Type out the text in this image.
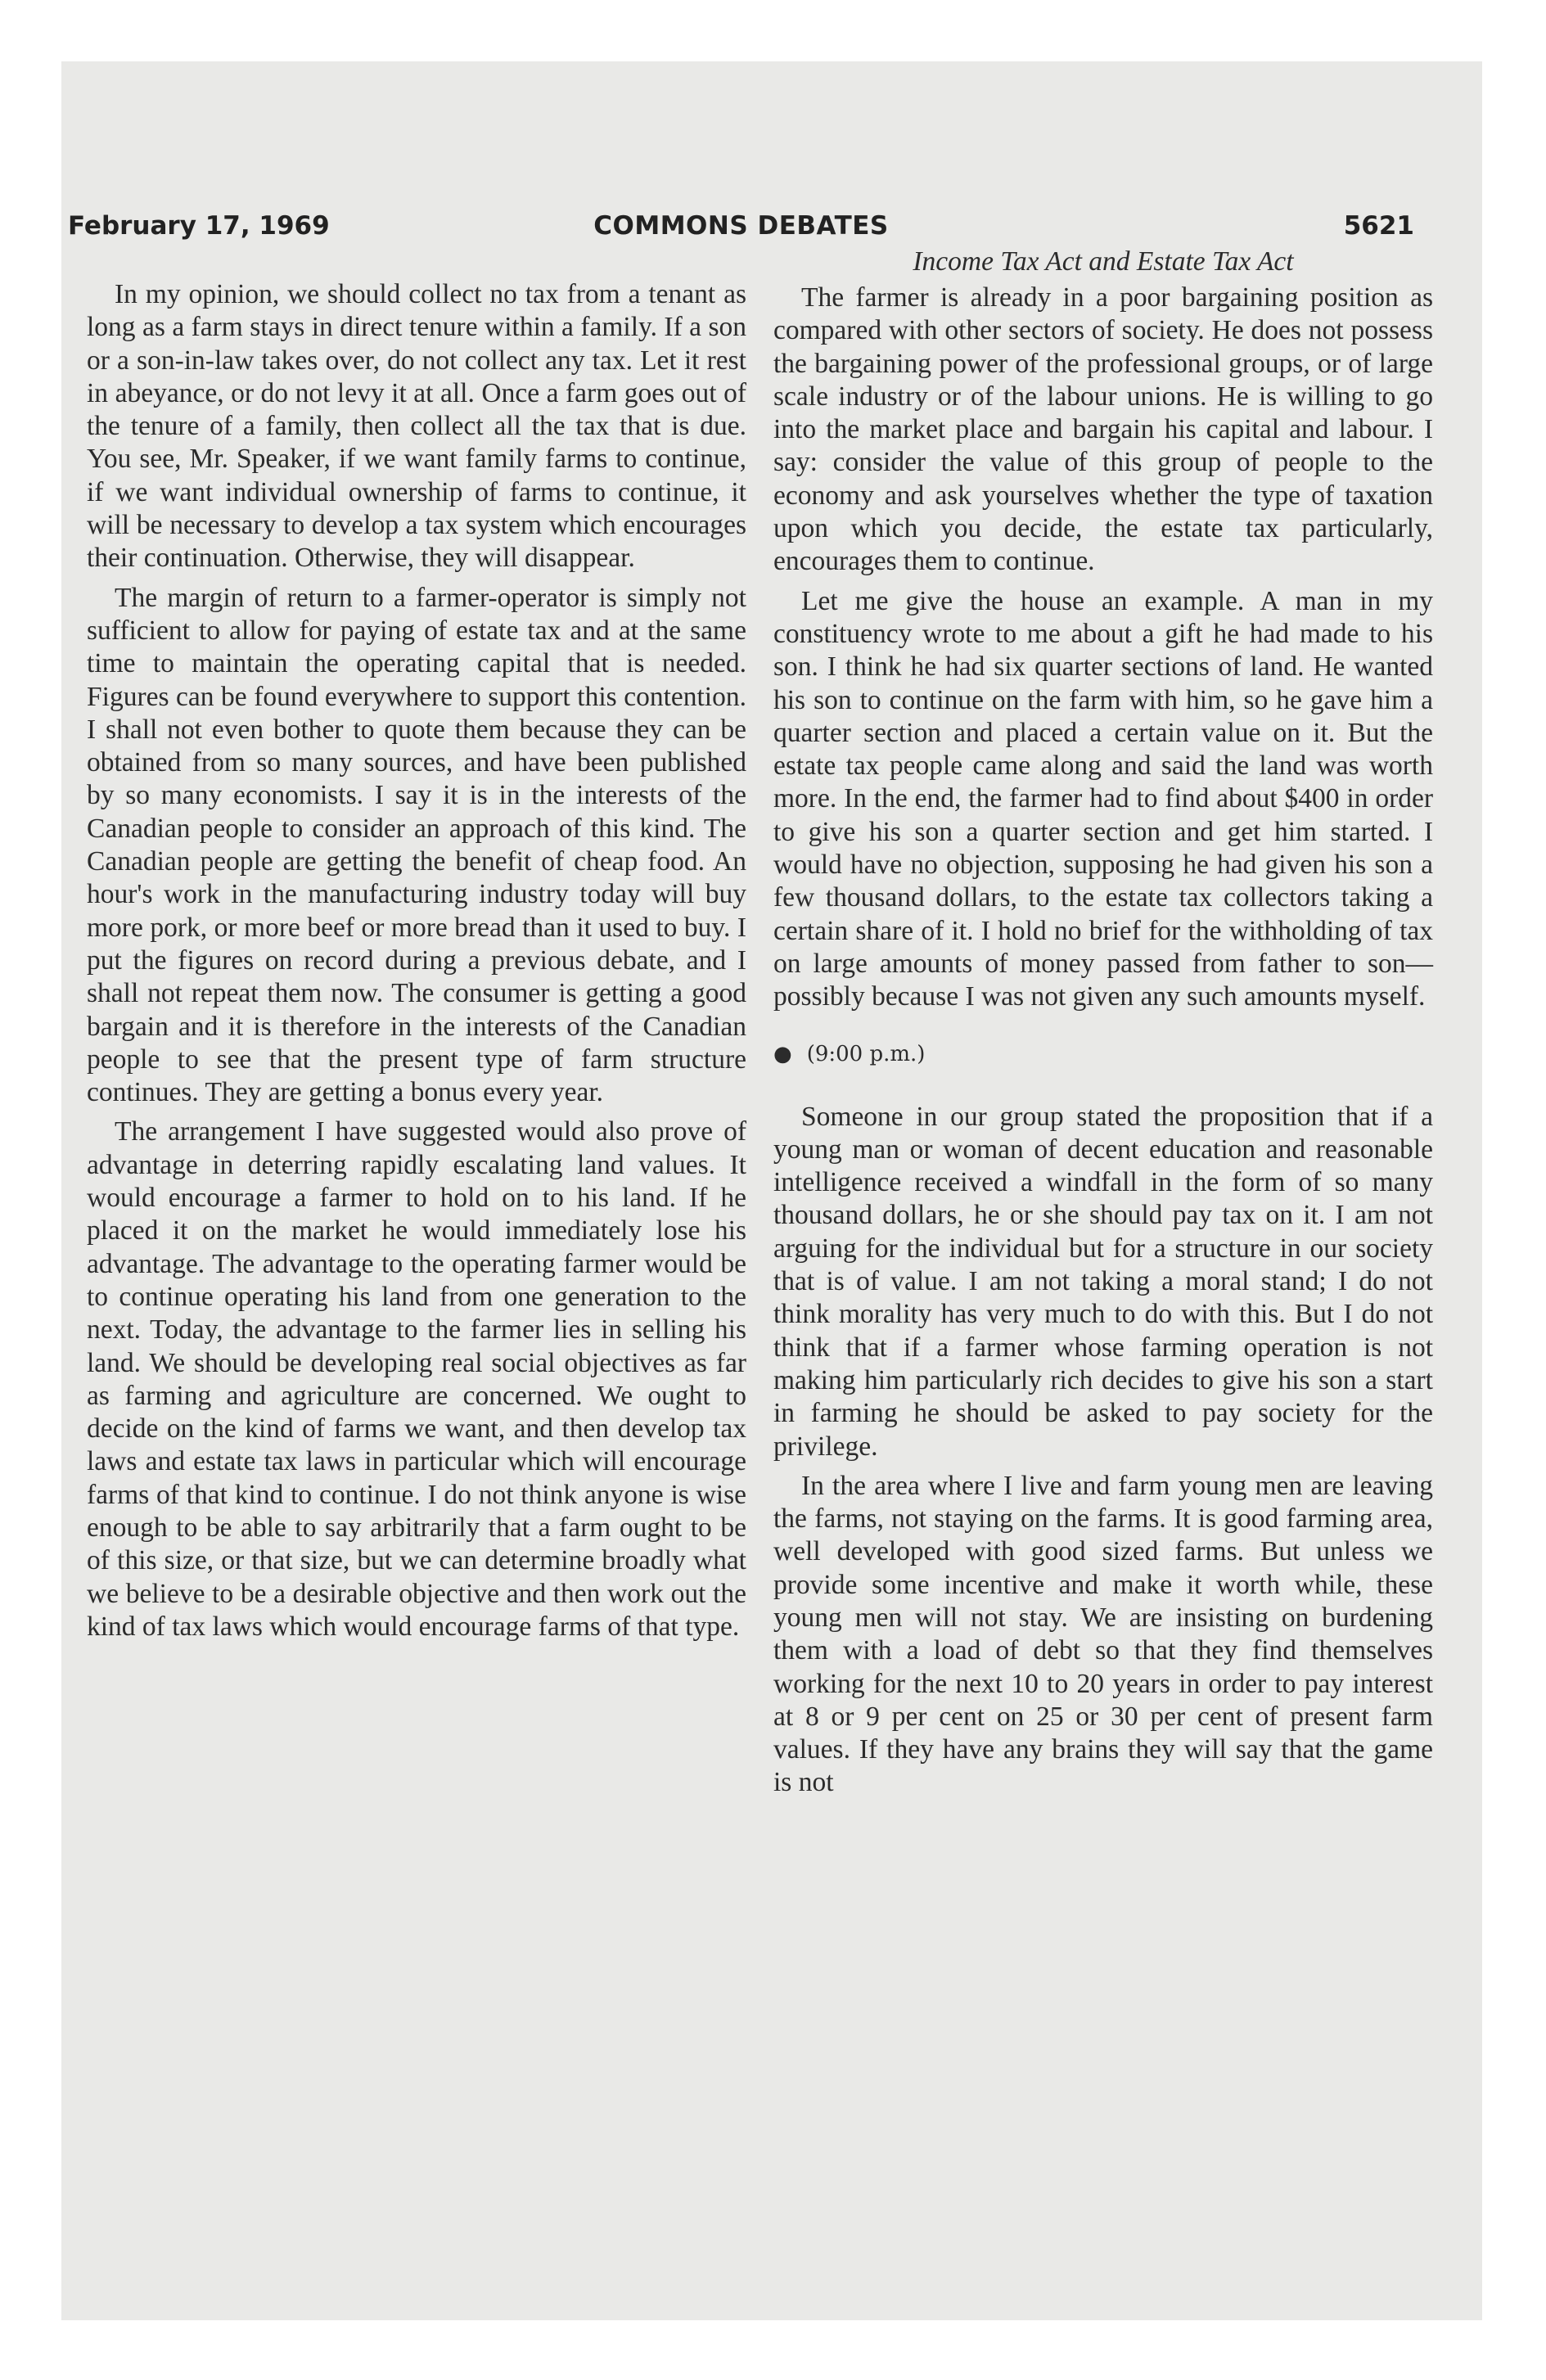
February 17, 1969	COMMONS DEBATES	5621

In my opinion, we should collect no tax from a tenant as long as a farm stays in direct tenure within a family. If a son or a son-in-law takes over, do not collect any tax. Let it rest in abeyance, or do not levy it at all. Once a farm goes out of the tenure of a family, then collect all the tax that is due. You see, Mr. Speaker, if we want family farms to continue, if we want individual ownership of farms to continue, it will be necessary to develop a tax system which encourages their continuation. Otherwise, they will disappear.

The margin of return to a farmer-operator is simply not sufficient to allow for paying of estate tax and at the same time to maintain the operating capital that is needed. Figures can be found everywhere to support this contention. I shall not even bother to quote them because they can be obtained from so many sources, and have been published by so many economists. I say it is in the interests of the Canadian people to consider an approach of this kind. The Canadian people are getting the benefit of cheap food. An hour's work in the manufacturing industry today will buy more pork, or more beef or more bread than it used to buy. I put the figures on record during a previous debate, and I shall not repeat them now. The consumer is getting a good bargain and it is therefore in the interests of the Canadian people to see that the present type of farm structure continues. They are getting a bonus every year.

The arrangement I have suggested would also prove of advantage in deterring rapidly escalating land values. It would encourage a farmer to hold on to his land. If he placed it on the market he would immediately lose his advantage. The advantage to the operating farmer would be to continue operating his land from one generation to the next. Today, the advantage to the farmer lies in selling his land. We should be developing real social objectives as far as farming and agriculture are concerned. We ought to decide on the kind of farms we want, and then develop tax laws and estate tax laws in particular which will encourage farms of that kind to continue. I do not think anyone is wise enough to be able to say arbitrarily that a farm ought to be of this size, or that size, but we can determine broadly what we believe to be a desirable objective and then work out the kind of tax laws which would encourage farms of that type.

Income Tax Act and Estate Tax Act

The farmer is already in a poor bargaining position as compared with other sectors of society. He does not possess the bargaining power of the professional groups, or of large scale industry or of the labour unions. He is willing to go into the market place and bargain his capital and labour. I say: consider the value of this group of people to the economy and ask yourselves whether the type of taxation upon which you decide, the estate tax particularly, encourages them to continue.

Let me give the house an example. A man in my constituency wrote to me about a gift he had made to his son. I think he had six quarter sections of land. He wanted his son to continue on the farm with him, so he gave him a quarter section and placed a certain value on it. But the estate tax people came along and said the land was worth more. In the end, the farmer had to find about $400 in order to give his son a quarter section and get him started. I would have no objection, supposing he had given his son a few thousand dollars, to the estate tax collectors taking a certain share of it. I hold no brief for the withholding of tax on large amounts of money passed from father to son—possibly because I was not given any such amounts myself.

● (9:00 p.m.)

Someone in our group stated the proposition that if a young man or woman of decent education and reasonable intelligence received a windfall in the form of so many thousand dollars, he or she should pay tax on it. I am not arguing for the individual but for a structure in our society that is of value. I am not taking a moral stand; I do not think morality has very much to do with this. But I do not think that if a farmer whose farming operation is not making him particularly rich decides to give his son a start in farming he should be asked to pay society for the privilege.

In the area where I live and farm young men are leaving the farms, not staying on the farms. It is good farming area, well developed with good sized farms. But unless we provide some incentive and make it worth while, these young men will not stay. We are insisting on burdening them with a load of debt so that they find themselves working for the next 10 to 20 years in order to pay interest at 8 or 9 per cent on 25 or 30 per cent of present farm values. If they have any brains they will say that the game is not
